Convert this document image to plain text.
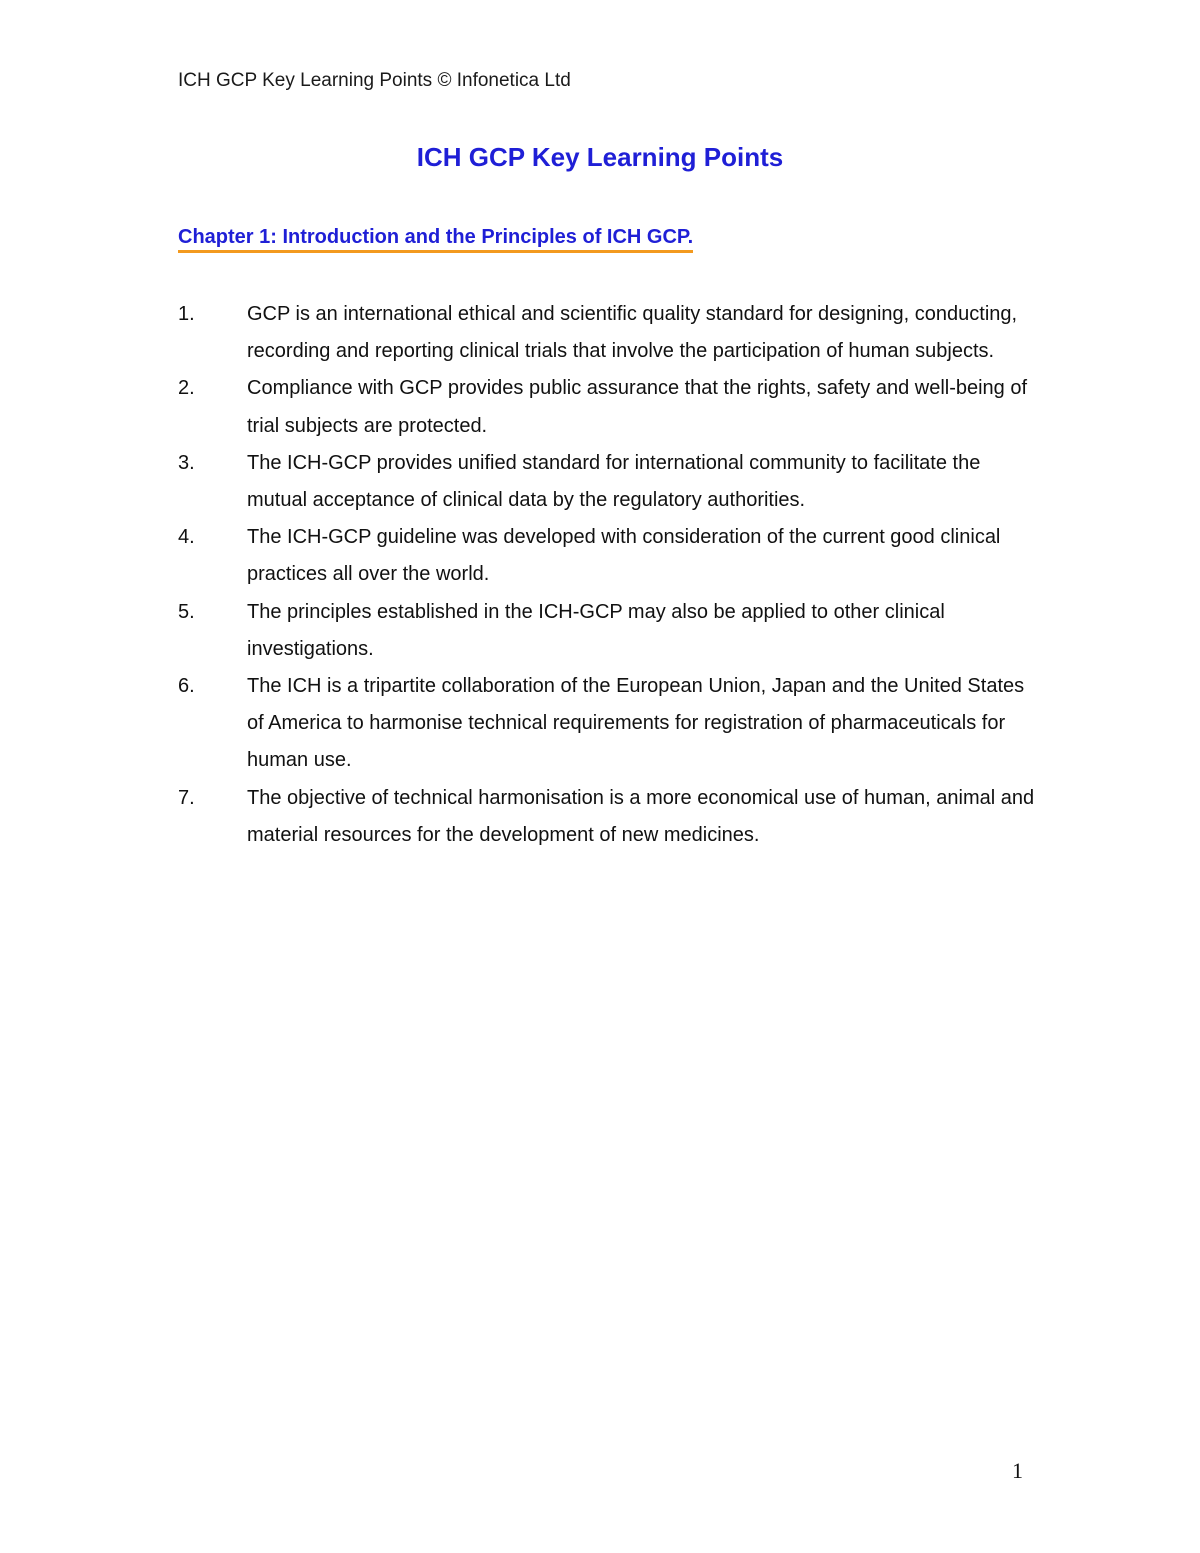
ICH GCP Key Learning Points © Infonetica Ltd
ICH GCP Key Learning Points
Chapter 1: Introduction and the Principles of ICH GCP.
1.	GCP is an international ethical and scientific quality standard for designing, conducting, recording and reporting clinical trials that involve the participation of human subjects.
2.	Compliance with GCP provides public assurance that the rights, safety and well-being of trial subjects are protected.
3.	The ICH-GCP provides unified standard for international community to facilitate the mutual acceptance of clinical data by the regulatory authorities.
4.	The ICH-GCP guideline was developed with consideration of the current good clinical practices all over the world.
5.	The principles established in the ICH-GCP may also be applied to other clinical investigations.
6.	The ICH is a tripartite collaboration of the European Union, Japan and the United States of America to harmonise technical requirements for registration of pharmaceuticals for human use.
7.	The objective of technical harmonisation is a more economical use of human, animal and material resources for the development of new medicines.
1
